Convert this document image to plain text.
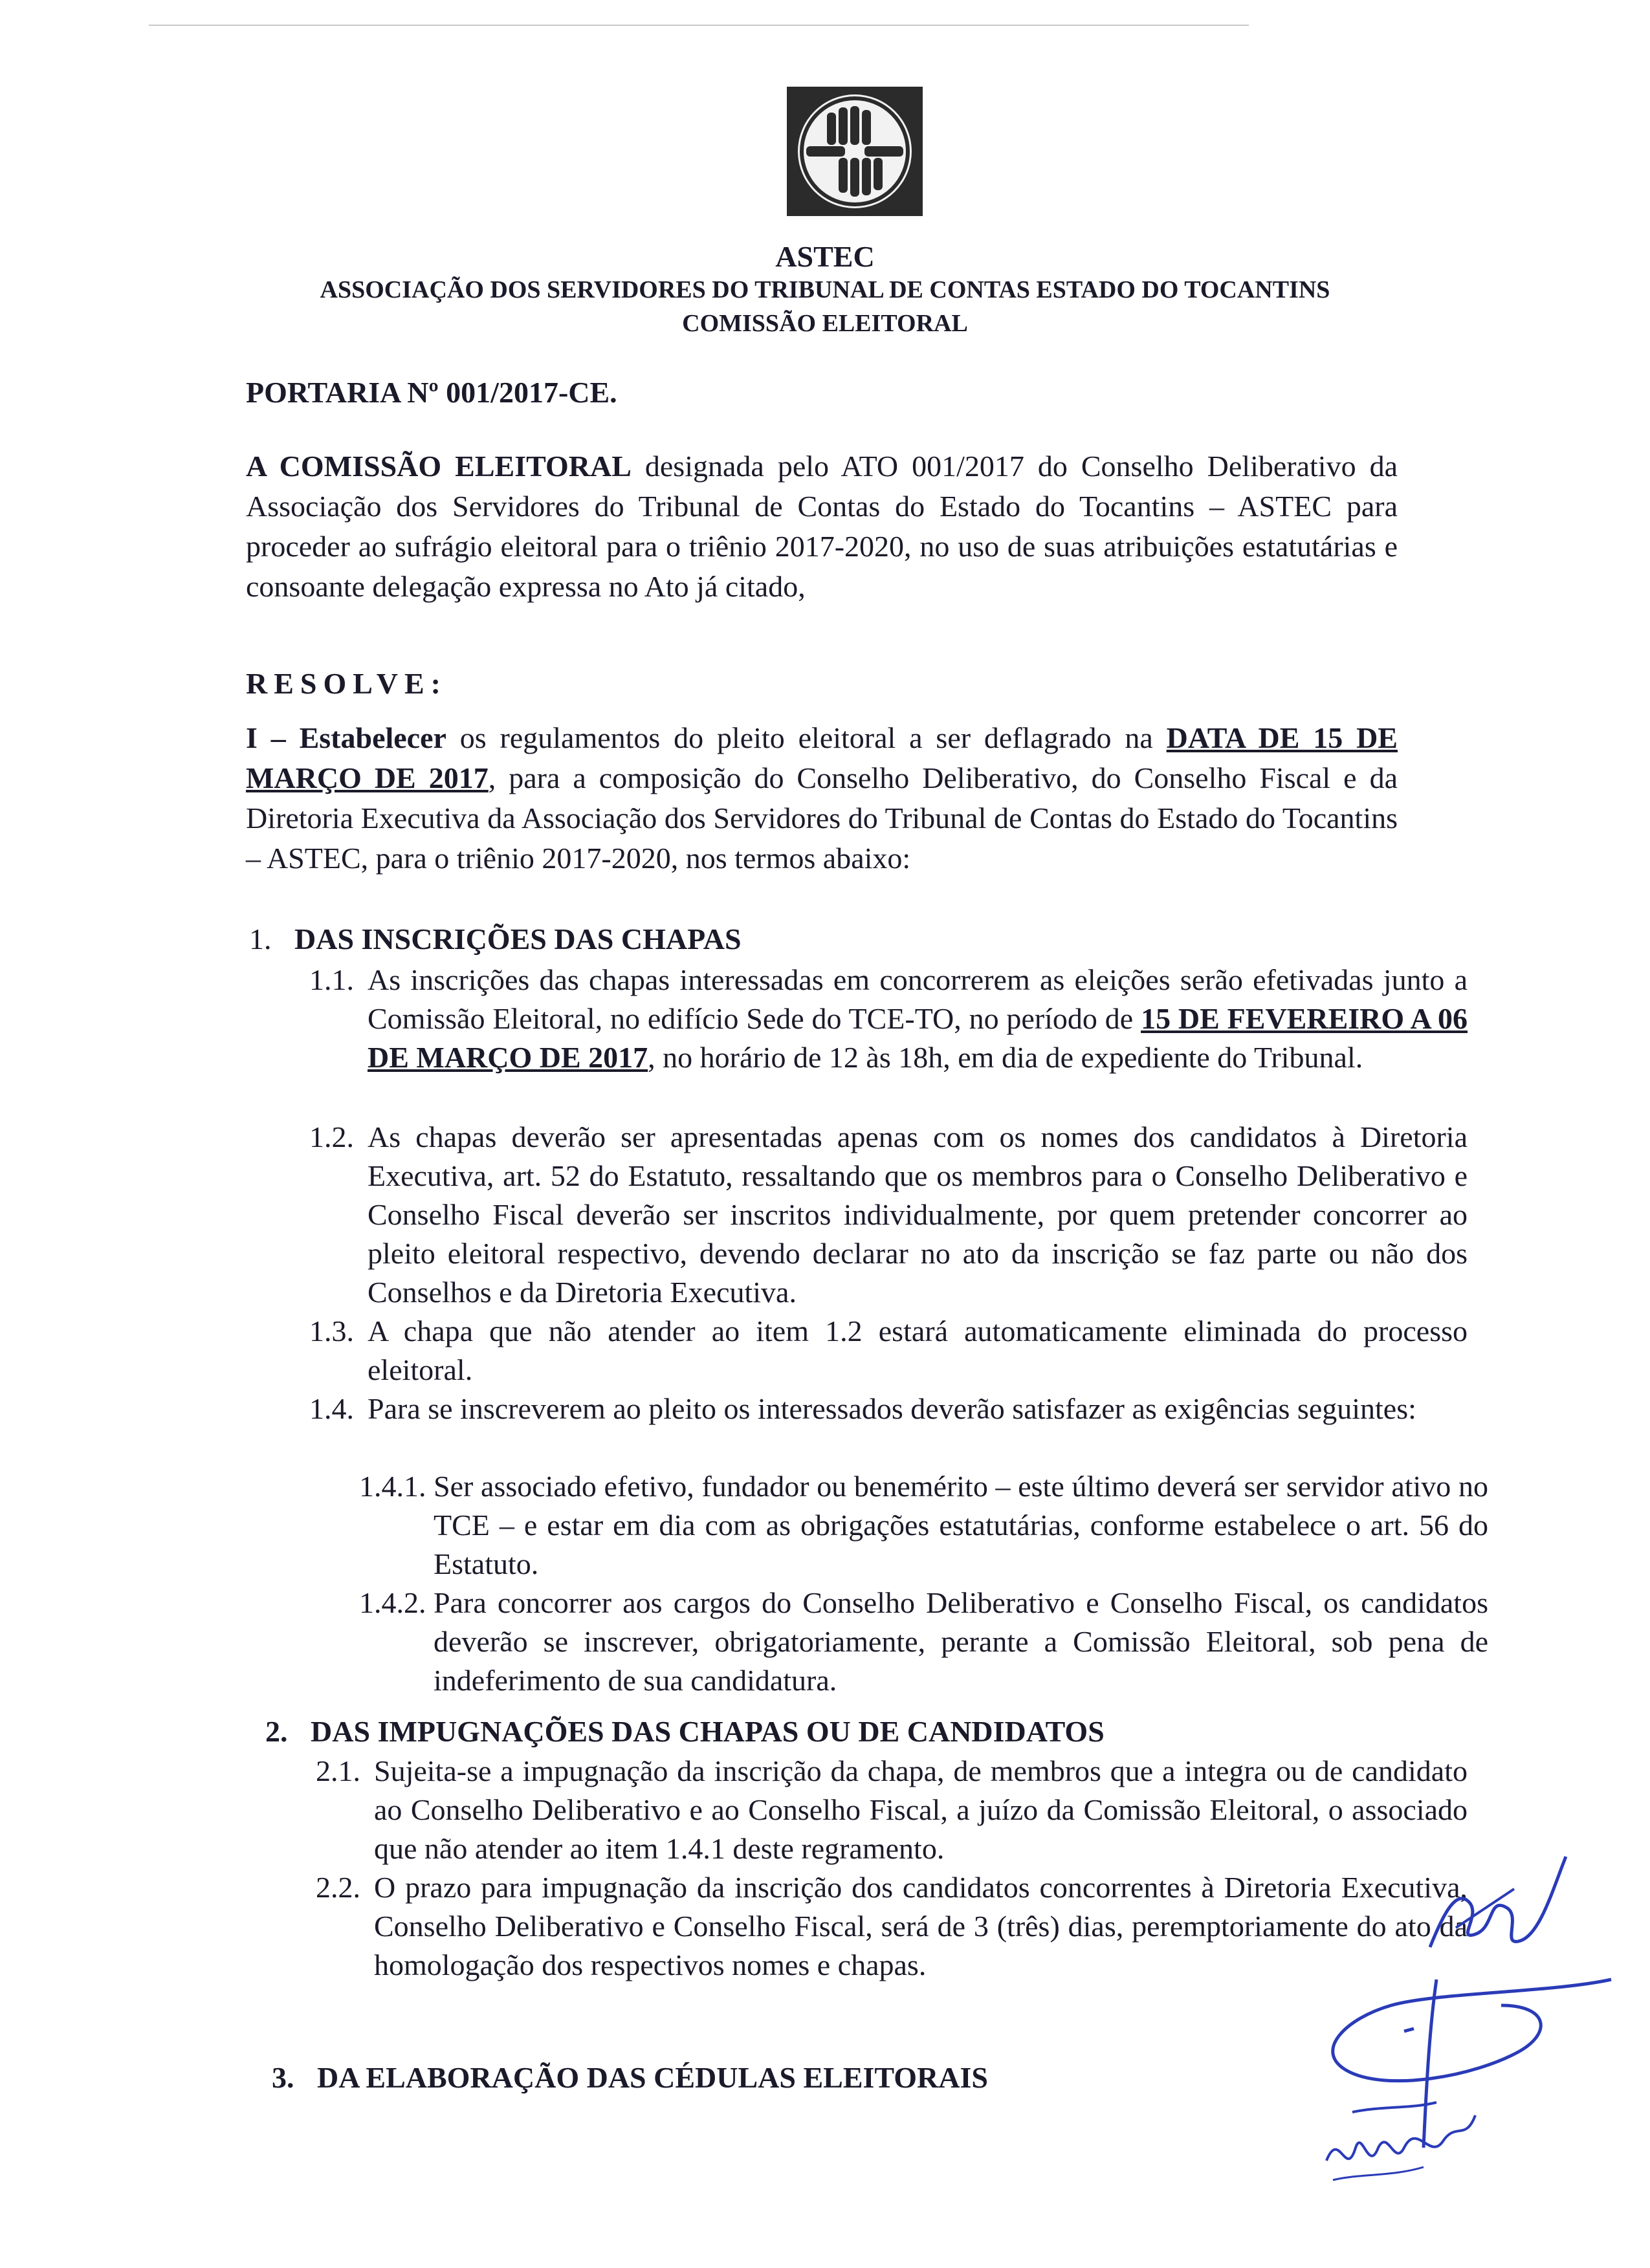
ASTEC
ASSOCIAÇÃO DOS SERVIDORES DO TRIBUNAL DE CONTAS ESTADO DO TOCANTINS
COMISSÃO ELEITORAL
PORTARIA Nº 001/2017-CE.
A COMISSÃO ELEITORAL designada pelo ATO 001/2017 do Conselho Deliberativo da Associação dos Servidores do Tribunal de Contas do Estado do Tocantins – ASTEC para proceder ao sufrágio eleitoral para o triênio 2017-2020, no uso de suas atribuições estatutárias e consoante delegação expressa no Ato já citado,
RESOLVE:
I – Estabelecer os regulamentos do pleito eleitoral a ser deflagrado na DATA DE 15 DE MARÇO DE 2017, para a composição do Conselho Deliberativo, do Conselho Fiscal e da Diretoria Executiva da Associação dos Servidores do Tribunal de Contas do Estado do Tocantins – ASTEC, para o triênio 2017-2020, nos termos abaixo:
1. DAS INSCRIÇÕES DAS CHAPAS
1.1. As inscrições das chapas interessadas em concorrerem as eleições serão efetivadas junto a Comissão Eleitoral, no edifício Sede do TCE-TO, no período de 15 DE FEVEREIRO A 06 DE MARÇO DE 2017, no horário de 12 às 18h, em dia de expediente do Tribunal.
1.2. As chapas deverão ser apresentadas apenas com os nomes dos candidatos à Diretoria Executiva, art. 52 do Estatuto, ressaltando que os membros para o Conselho Deliberativo e Conselho Fiscal deverão ser inscritos individualmente, por quem pretender concorrer ao pleito eleitoral respectivo, devendo declarar no ato da inscrição se faz parte ou não dos Conselhos e da Diretoria Executiva.
1.3. A chapa que não atender ao item 1.2 estará automaticamente eliminada do processo eleitoral.
1.4. Para se inscreverem ao pleito os interessados deverão satisfazer as exigências seguintes:
1.4.1. Ser associado efetivo, fundador ou benemérito – este último deverá ser servidor ativo no TCE – e estar em dia com as obrigações estatutárias, conforme estabelece o art. 56 do Estatuto.
1.4.2. Para concorrer aos cargos do Conselho Deliberativo e Conselho Fiscal, os candidatos deverão se inscrever, obrigatoriamente, perante a Comissão Eleitoral, sob pena de indeferimento de sua candidatura.
2. DAS IMPUGNAÇÕES DAS CHAPAS OU DE CANDIDATOS
2.1. Sujeita-se a impugnação da inscrição da chapa, de membros que a integra ou de candidato ao Conselho Deliberativo e ao Conselho Fiscal, a juízo da Comissão Eleitoral, o associado que não atender ao item 1.4.1 deste regramento.
2.2. O prazo para impugnação da inscrição dos candidatos concorrentes à Diretoria Executiva, Conselho Deliberativo e Conselho Fiscal, será de 3 (três) dias, peremptoriamente do ato da homologação dos respectivos nomes e chapas.
3. DA ELABORAÇÃO DAS CÉDULAS ELEITORAIS
